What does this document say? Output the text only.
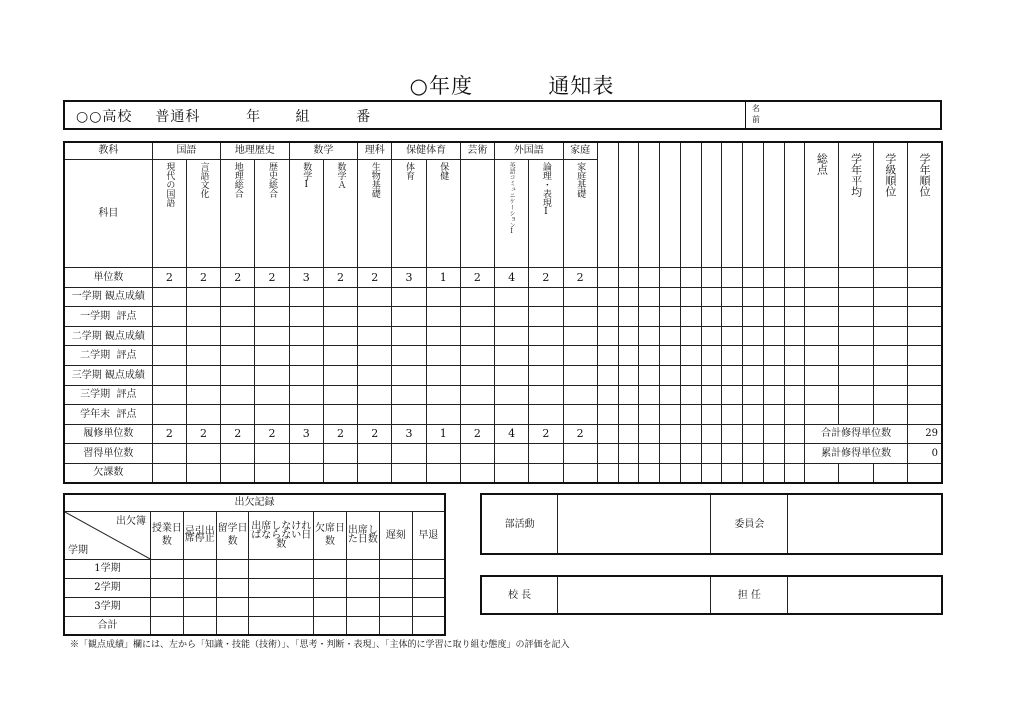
○年度	通知表
○○高校  普通科    年   組    番
名前
教科	国語		地理歴史		数学		理科	保健体育		芸術	外国語		家庭											総点	学年平均	学級順位	学年順位
科目	現代の国語	言語文化	地理総合	歴史総合	数学Ⅰ	数学Ａ	生物基礎	体育	保健		英語コミュニケーションⅠ	論理・表現Ⅰ	家庭基礎														
単位数	2	2	2	2	3	2	2	3	1	2	4	2	2														
一学期 観点成績																											
一学期  評点																											
二学期 観点成績																											
二学期  評点																											
三学期 観点成績																											
三学期  評点																											
学年末  評点																											
履修単位数	2	2	2	2	3	2	2	3	1	2	4	2	2											合計修得単位数			29
習得単位数																								累計修得単位数			0
欠課数																											
出欠記録								

出欠簿
学期	授業日数	忌引出席停止	留学日数	出席しなければならない日数	欠席日数	出席した日数	遅刻	早退
1学期								
2学期								
3学期								
合計								
部活動		委員会	
校 長		担 任	
※「観点成績」欄には、左から「知識・技能（技術）」、「思考・判断・表現」、「主体的に学習に取り組む態度」の評価を記入
